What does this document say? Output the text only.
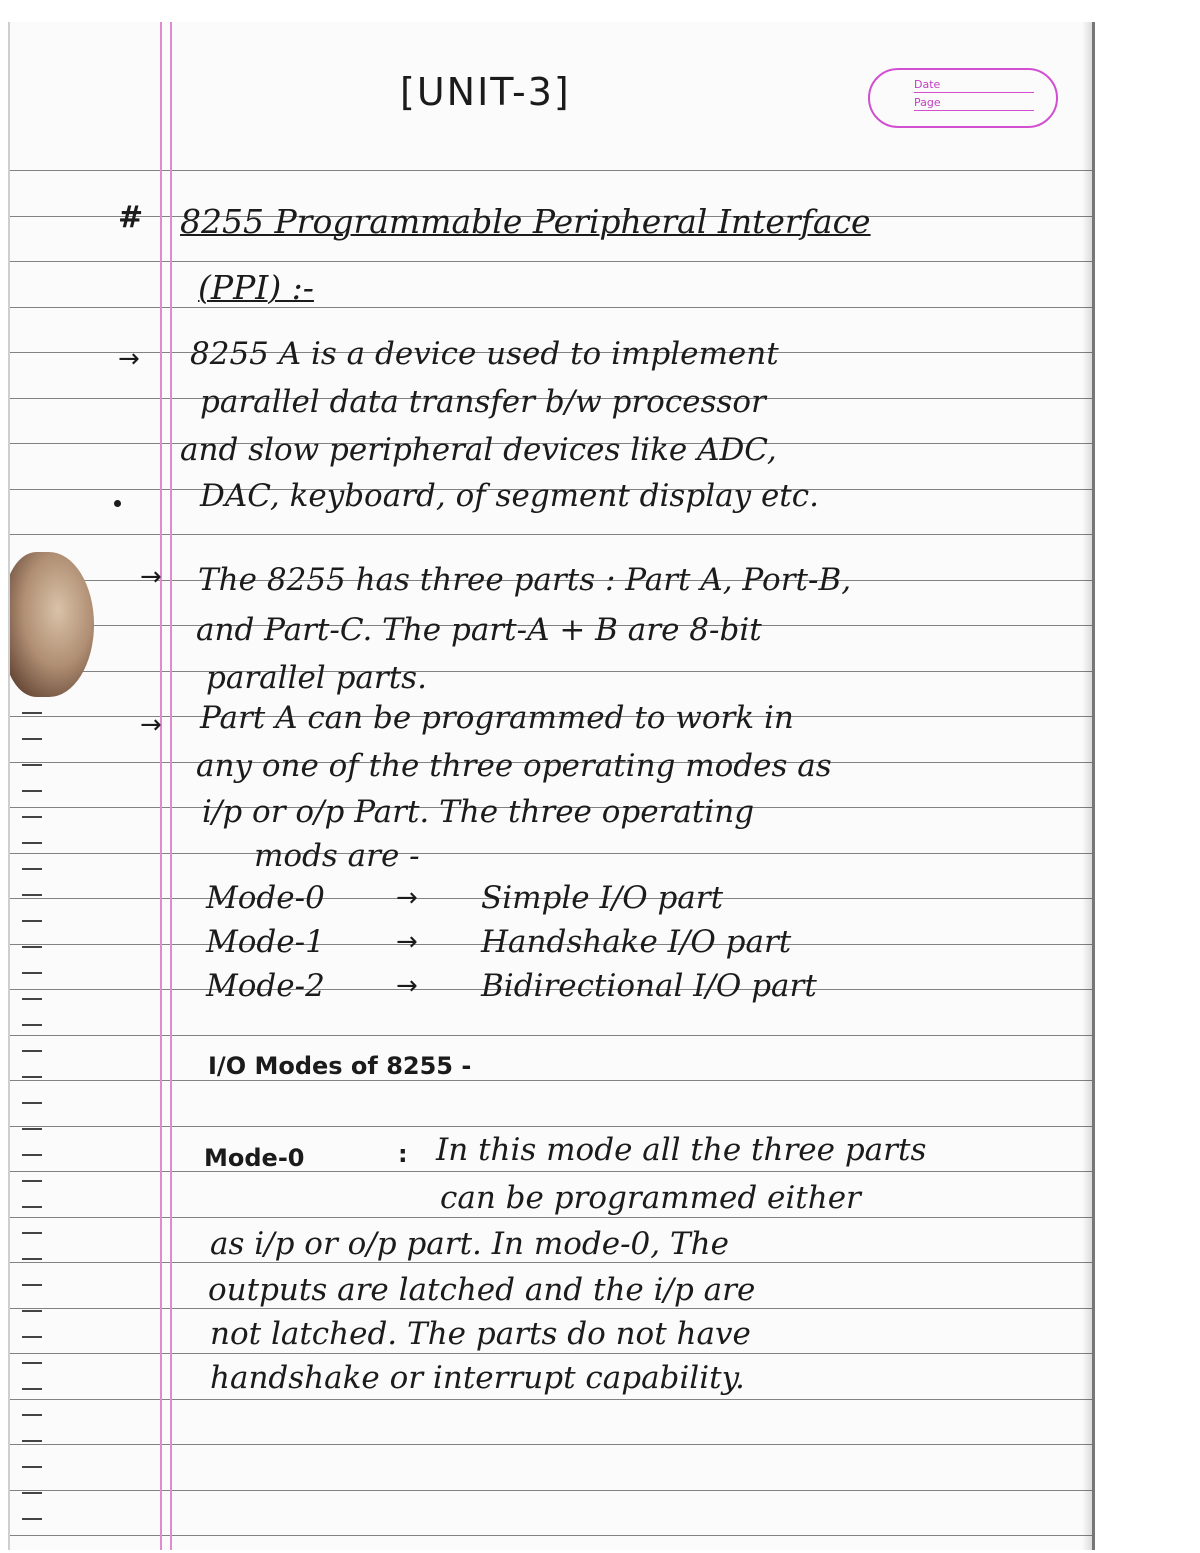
Date
Page
[UNIT-3]
# 8255 Programmable Peripheral Interface
(PPI) :-
→ 8255 A is a device used to implement
parallel data transfer b/w processor
and slow peripheral devices like ADC,
DAC, keyboard, of segment display etc.
→ The 8255 has three parts : Part A, Port-B,
and Part-C. The part-A + B are 8-bit
parallel parts.
→ Part A can be programmed to work in
any one of the three operating modes as
i/p or o/p Part. The three operating
mods are -
Mode-0	→ Simple I/O part
Mode-1	→ Handshake I/O part
Mode-2	→ Bidirectional I/O part
I/O Modes of 8255 -
Mode-0	: In this mode all the three parts
can be programmed either
as i/p or o/p part. In mode-0, The
outputs are latched and the i/p are
not latched. The parts do not have
handshake or interrupt capability.
